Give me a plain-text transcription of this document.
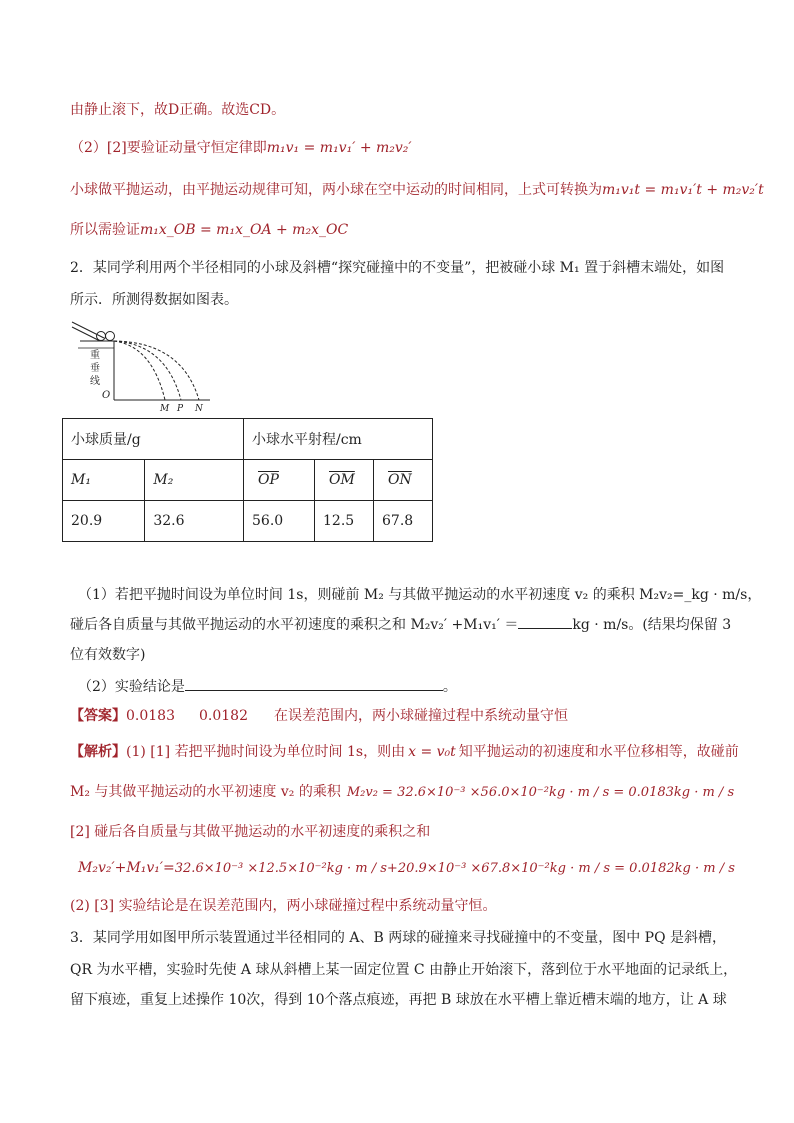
由静止滚下，故D正确。故选CD。
（2）[2]要验证动量守恒定律即m₁v₁ = m₁v₁′ + m₂v₂′
小球做平抛运动，由平抛运动规律可知，两小球在空中运动的时间相同，上式可转换为m₁v₁t = m₁v₁′t + m₂v₂′t
所以需验证m₁x_OB = m₁x_OA + m₂x_OC
2．某同学利用两个半径相同的小球及斜槽“探究碰撞中的不变量”，把被碰小球 M₁ 置于斜槽末端处，如图
所示．所测得数据如图表。
重
垂
线
O
M P N
小球质量/g		小球水平射程/cm		
M₁	M₂	$\overline{OP}$	$\overline{OM}$	$\overline{ON}$
20.9	32.6	56.0	12.5	67.8
（1）若把平抛时间设为单位时间 1s，则碰前 M₂ 与其做平抛运动的水平初速度 v₂ 的乘积 M₂v₂=_kg · m/s，
碰后各自质量与其做平抛运动的水平初速度的乘积之和 M₂v₂′ +M₁v₁′ ＝	kg · m/s。(结果均保留 3
位有效数字)
（2）实验结论是	。
【答案】0.0183 0.0182 在误差范围内，两小球碰撞过程中系统动量守恒
【解析】(1) [1] 若把平抛时间设为单位时间 1s，则由 x = v₀t 知平抛运动的初速度和水平位移相等，故碰前
M₂ 与其做平抛运动的水平初速度 v₂ 的乘积 M₂v₂ = 32.6×10⁻³ ×56.0×10⁻²kg · m / s = 0.0183kg · m / s
[2] 碰后各自质量与其做平抛运动的水平初速度的乘积之和
M₂v₂′+M₁v₁′=32.6×10⁻³ ×12.5×10⁻²kg · m / s+20.9×10⁻³ ×67.8×10⁻²kg · m / s = 0.0182kg · m / s
(2) [3] 实验结论是在误差范围内，两小球碰撞过程中系统动量守恒。
3．某同学用如图甲所示装置通过半径相同的 A、B 两球的碰撞来寻找碰撞中的不变量，图中 PQ 是斜槽，
QR 为水平槽，实验时先使 A 球从斜槽上某一固定位置 C 由静止开始滚下，落到位于水平地面的记录纸上，
留下痕迹，重复上述操作 10次，得到 10个落点痕迹，再把 B 球放在水平槽上靠近槽末端的地方，让 A 球
